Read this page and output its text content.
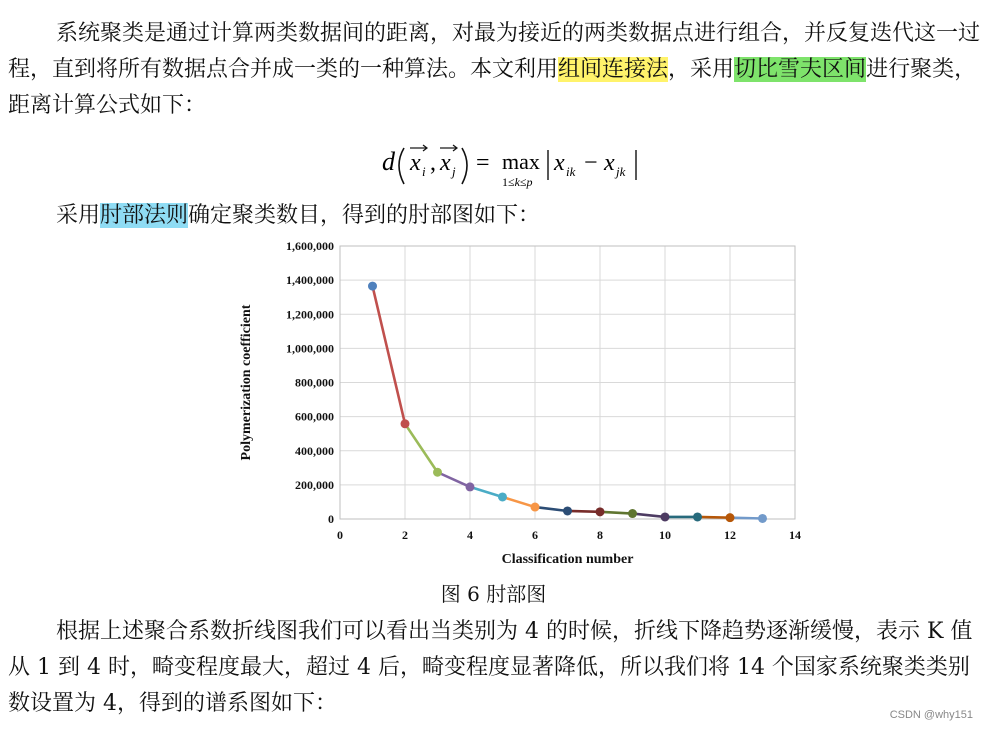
系统聚类是通过计算两类数据间的距离，对最为接近的两类数据点进行组合，并反复迭代这一过程，直到将所有数据点合并成一类的一种算法。本文利用组间连接法，采用切比雪夫区间进行聚类，距离计算公式如下：

d x i , x j = max
1≤k≤p
x ik − x jk

采用肘部法则确定聚类数目，得到的肘部图如下：

0
200,000
400,000
600,000
800,000
1,000,000
1,200,000
1,400,000
1,600,000
0	2	4	6	8	10	12	14
Classification number
Polymerization coefficient
图 6 肘部图

根据上述聚合系数折线图我们可以看出当类别为 4 的时候，折线下降趋势逐渐缓慢，表示 K 值从 1 到 4 时，畸变程度最大，超过 4 后，畸变程度显著降低，所以我们将 14 个国家系统聚类类别数设置为 4，得到的谱系图如下：	CSDN @why151
